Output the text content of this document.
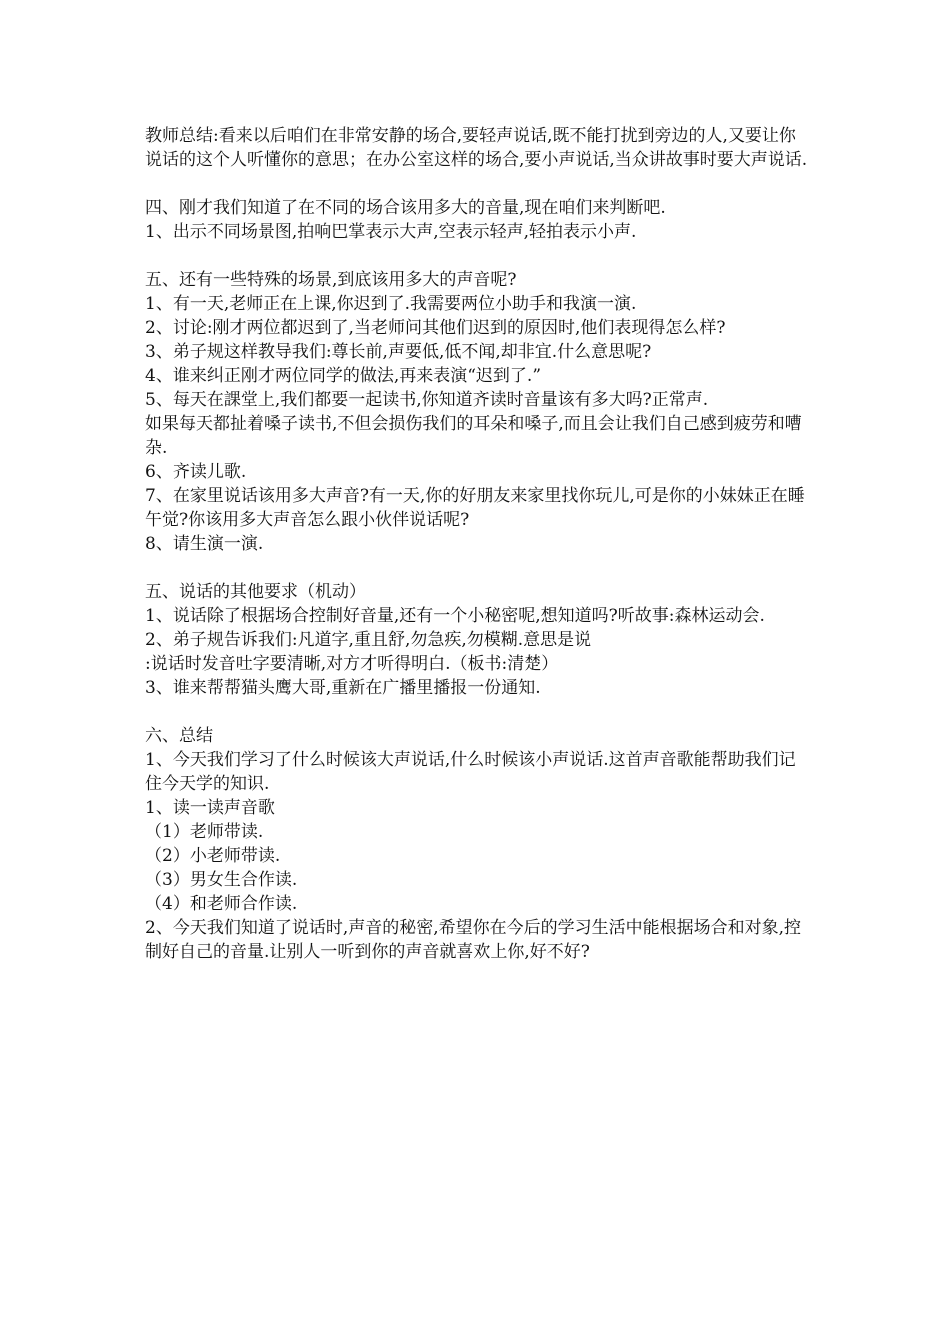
教师总结:看来以后咱们在非常安静的场合,要轻声说话,既不能打扰到旁边的人,又要让你说话的这个人听懂你的意思；在办公室这样的场合,要小声说话,当众讲故事时要大声说话.
四、刚才我们知道了在不同的场合该用多大的音量,现在咱们来判断吧.
1、出示不同场景图,拍响巴掌表示大声,空表示轻声,轻拍表示小声.
五、还有一些特殊的场景,到底该用多大的声音呢?
1、有一天,老师正在上课,你迟到了.我需要两位小助手和我演一演.
2、讨论:刚才两位都迟到了,当老师问其他们迟到的原因时,他们表现得怎么样?
3、弟子规这样教导我们:尊长前,声要低,低不闻,却非宜.什么意思呢?
4、谁来纠正刚才两位同学的做法,再来表演“迟到了.”
5、每天在課堂上,我们都要一起读书,你知道齐读时音量该有多大吗?正常声.
如果每天都扯着嗓子读书,不但会损伤我们的耳朵和嗓子,而且会让我们自己感到疲劳和嘈杂.
6、齐读儿歌.
7、在家里说话该用多大声音?有一天,你的好朋友来家里找你玩儿,可是你的小妹妹正在睡午觉?你该用多大声音怎么跟小伙伴说话呢?
8、请生演一演.
五、说话的其他要求（机动）
1、说话除了根据场合控制好音量,还有一个小秘密呢,想知道吗?听故事:森林运动会.
2、弟子规告诉我们:凡道字,重且舒,勿急疾,勿模糊.意思是说
:说话时发音吐字要清晰,对方才听得明白.（板书:清楚）
3、谁来帮帮猫头鹰大哥,重新在广播里播报一份通知.
六、总结
1、今天我们学习了什么时候该大声说话,什么时候该小声说话.这首声音歌能帮助我们记住今天学的知识.
1、读一读声音歌
（1）老师带读.
（2）小老师带读.
（3）男女生合作读.
（4）和老师合作读.
2、今天我们知道了说话时,声音的秘密,希望你在今后的学习生活中能根据场合和对象,控制好自己的音量.让别人一听到你的声音就喜欢上你,好不好?
